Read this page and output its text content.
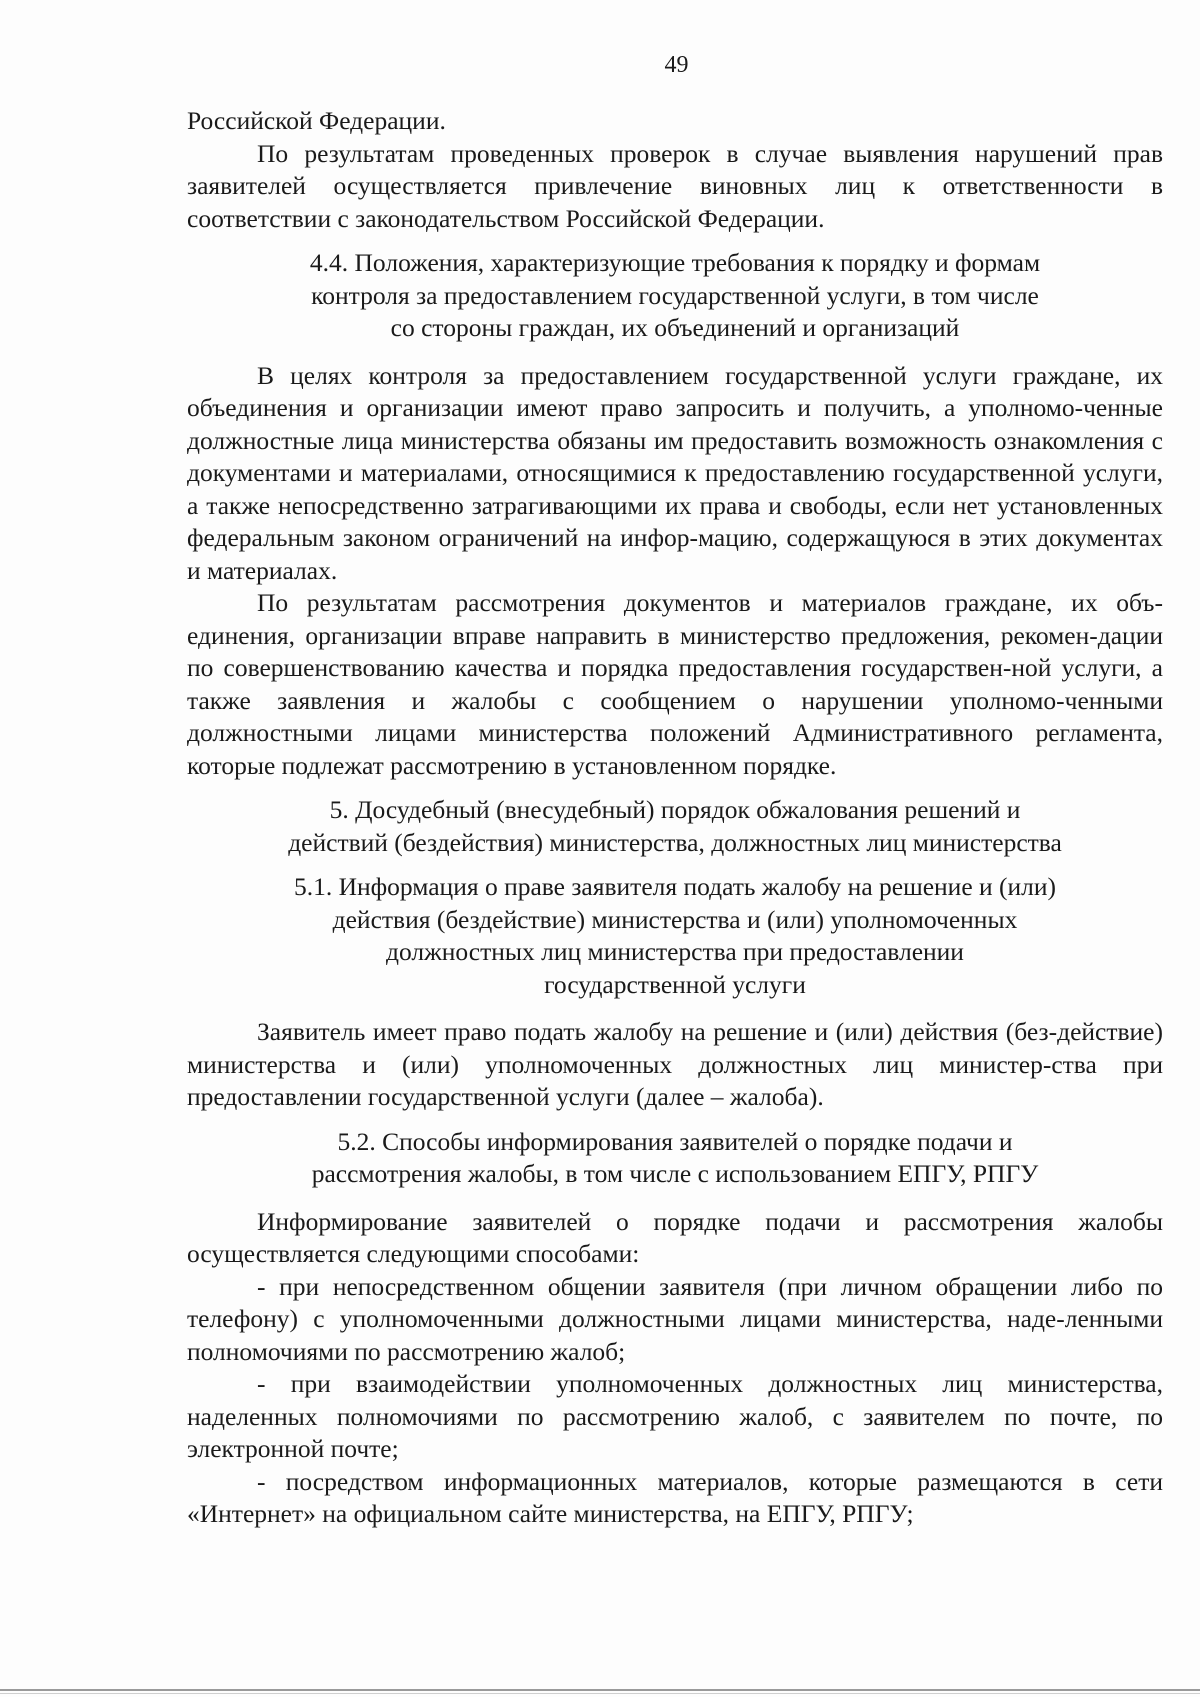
49

Российской Федерации.

По результатам проведенных проверок в случае выявления нарушений прав заявителей осуществляется привлечение виновных лиц к ответственности в соответствии с законодательством Российской Федерации.

4.4. Положения, характеризующие требования к порядку и формам
контроля за предоставлением государственной услуги, в том числе
со стороны граждан, их объединений и организаций

В целях контроля за предоставлением государственной услуги граждане, их объединения и организации имеют право запросить и получить, а уполномо-ченные должностные лица министерства обязаны им предоставить возможность ознакомления с документами и материалами, относящимися к предоставлению государственной услуги, а также непосредственно затрагивающими их права и свободы, если нет установленных федеральным законом ограничений на инфор-мацию, содержащуюся в этих документах и материалах.

По результатам рассмотрения документов и материалов граждане, их объ-единения, организации вправе направить в министерство предложения, рекомен-дации по совершенствованию качества и порядка предоставления государствен-ной услуги, а также заявления и жалобы с сообщением о нарушении уполномо-ченными должностными лицами министерства положений Административного регламента, которые подлежат рассмотрению в установленном порядке.

5. Досудебный (внесудебный) порядок обжалования решений и
действий (бездействия) министерства, должностных лиц министерства
5.1. Информация о праве заявителя подать жалобу на решение и (или)
действия (бездействие) министерства и (или) уполномоченных
должностных лиц министерства при предоставлении
государственной услуги

Заявитель имеет право подать жалобу на решение и (или) действия (без-действие) министерства и (или) уполномоченных должностных лиц министер-ства при предоставлении государственной услуги (далее – жалоба).

5.2. Способы информирования заявителей о порядке подачи и
рассмотрения жалобы, в том числе с использованием ЕПГУ, РПГУ

Информирование заявителей о порядке подачи и рассмотрения жалобы осуществляется следующими способами:

- при непосредственном общении заявителя (при личном обращении либо по телефону) с уполномоченными должностными лицами министерства, наде-ленными полномочиями по рассмотрению жалоб;

- при взаимодействии уполномоченных должностных лиц министерства, наделенных полномочиями по рассмотрению жалоб, с заявителем по почте, по электронной почте;

- посредством информационных материалов, которые размещаются в сети «Интернет» на официальном сайте министерства, на ЕПГУ, РПГУ;
